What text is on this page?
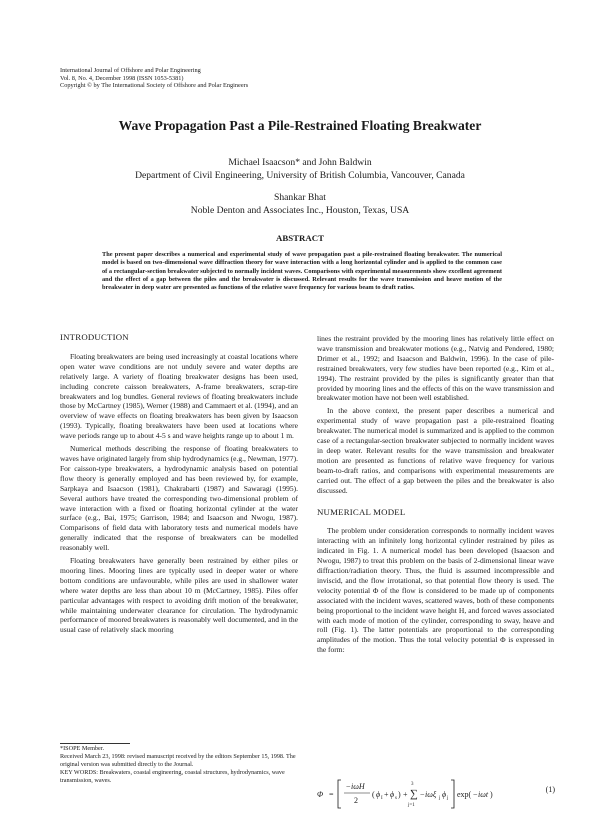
International Journal of Offshore and Polar Engineering
Vol. 8, No. 4, December 1998 (ISSN 1053-5381)
Copyright © by The International Society of Offshore and Polar Engineers
Wave Propagation Past a Pile-Restrained Floating Breakwater
Michael Isaacson* and John Baldwin
Department of Civil Engineering, University of British Columbia, Vancouver, Canada
Shankar Bhat
Noble Denton and Associates Inc., Houston, Texas, USA
ABSTRACT

The present paper describes a numerical and experimental study of wave propagation past a pile-restrained floating breakwater. The numerical model is based on two-dimensional wave diffraction theory for wave interaction with a long horizontal cylinder and is applied to the common case of a rectangular-section breakwater subjected to normally incident waves. Comparisons with experimental measurements show excellent agreement and the effect of a gap between the piles and the breakwater is discussed. Relevant results for the wave transmission and heave motion of the breakwater in deep water are presented as functions of the relative wave frequency for various beam to draft ratios.

INTRODUCTION

Floating breakwaters are being used increasingly at coastal locations where open water wave conditions are not unduly severe and water depths are relatively large. A variety of floating breakwater designs has been used, including concrete caisson breakwaters, A-frame breakwaters, scrap-tire breakwaters and log bundles. General reviews of floating breakwaters include those by McCartney (1985), Werner (1988) and Cammaert et al. (1994), and an overview of wave effects on floating breakwaters has been given by Isaacson (1993). Typically, floating breakwaters have been used at locations where wave periods range up to about 4-5 s and wave heights range up to about 1 m.

Numerical methods describing the response of floating breakwaters to waves have originated largely from ship hydrodynamics (e.g., Newman, 1977). For caisson-type breakwaters, a hydrodynamic analysis based on potential flow theory is generally employed and has been reviewed by, for example, Sarpkaya and Isaacson (1981), Chakrabarti (1987) and Sawaragi (1995). Several authors have treated the corresponding two-dimensional problem of wave interaction with a fixed or floating horizontal cylinder at the water surface (e.g., Bai, 1975; Garrison, 1984; and Isaacson and Nwogu, 1987). Comparisons of field data with laboratory tests and numerical models have generally indicated that the response of breakwaters can be modelled reasonably well.

Floating breakwaters have generally been restrained by either piles or mooring lines. Mooring lines are typically used in deeper water or where bottom conditions are unfavourable, while piles are used in shallower water where water depths are less than about 10 m (McCartney, 1985). Piles offer particular advantages with respect to avoiding drift motion of the breakwater, while maintaining underwater clearance for circulation. The hydrodynamic performance of moored breakwaters is reasonably well documented, and in the usual case of relatively slack mooring

*ISOPE Member.
Received March 23, 1998: revised manuscript received by the editors September 15, 1998. The original version was submitted directly to the Journal.
KEY WORDS: Breakwaters, coastal engineering, coastal structures, hydrodynamics, wave transmission, waves.

lines the restraint provided by the mooring lines has relatively little effect on wave transmission and breakwater motions (e.g., Natvig and Pendered, 1980; Drimer et al., 1992; and Isaacson and Baldwin, 1996). In the case of pile-restrained breakwaters, very few studies have been reported (e.g., Kim et al., 1994). The restraint provided by the piles is significantly greater than that provided by mooring lines and the effects of this on the wave transmission and breakwater motion have not been well established.

In the above context, the present paper describes a numerical and experimental study of wave propagation past a pile-restrained floating breakwater. The numerical model is summarized and is applied to the common case of a rectangular-section breakwater subjected to normally incident waves in deep water. Relevant results for the wave transmission and breakwater motion are presented as functions of relative wave frequency for various beam-to-draft ratios, and comparisons with experimental measurements are carried out. The effect of a gap between the piles and the breakwater is also discussed.

NUMERICAL MODEL

The problem under consideration corresponds to normally incident waves interacting with an infinitely long horizontal cylinder restrained by piles as indicated in Fig. 1. A numerical model has been developed (Isaacson and Nwogu, 1987) to treat this problem on the basis of 2-dimensional linear wave diffraction/radiation theory. Thus, the fluid is assumed incompressible and inviscid, and the flow irrotational, so that potential flow theory is used. The velocity potential Φ of the flow is considered to be made up of components associated with the incident waves, scattered waves, both of these components being proportional to the incident wave height H, and forced waves associated with each mode of motion of the cylinder, corresponding to sway, heave and roll (Fig. 1). The latter potentials are proportional to the corresponding amplitudes of the motion. Thus the total velocity potential Φ is expressed in the form:

Φ =
− iωH
2
( ϕ I + ϕ s ) + ∑
3
j=1
− iωξ j ϕ j exp( − iωt )
(1)
